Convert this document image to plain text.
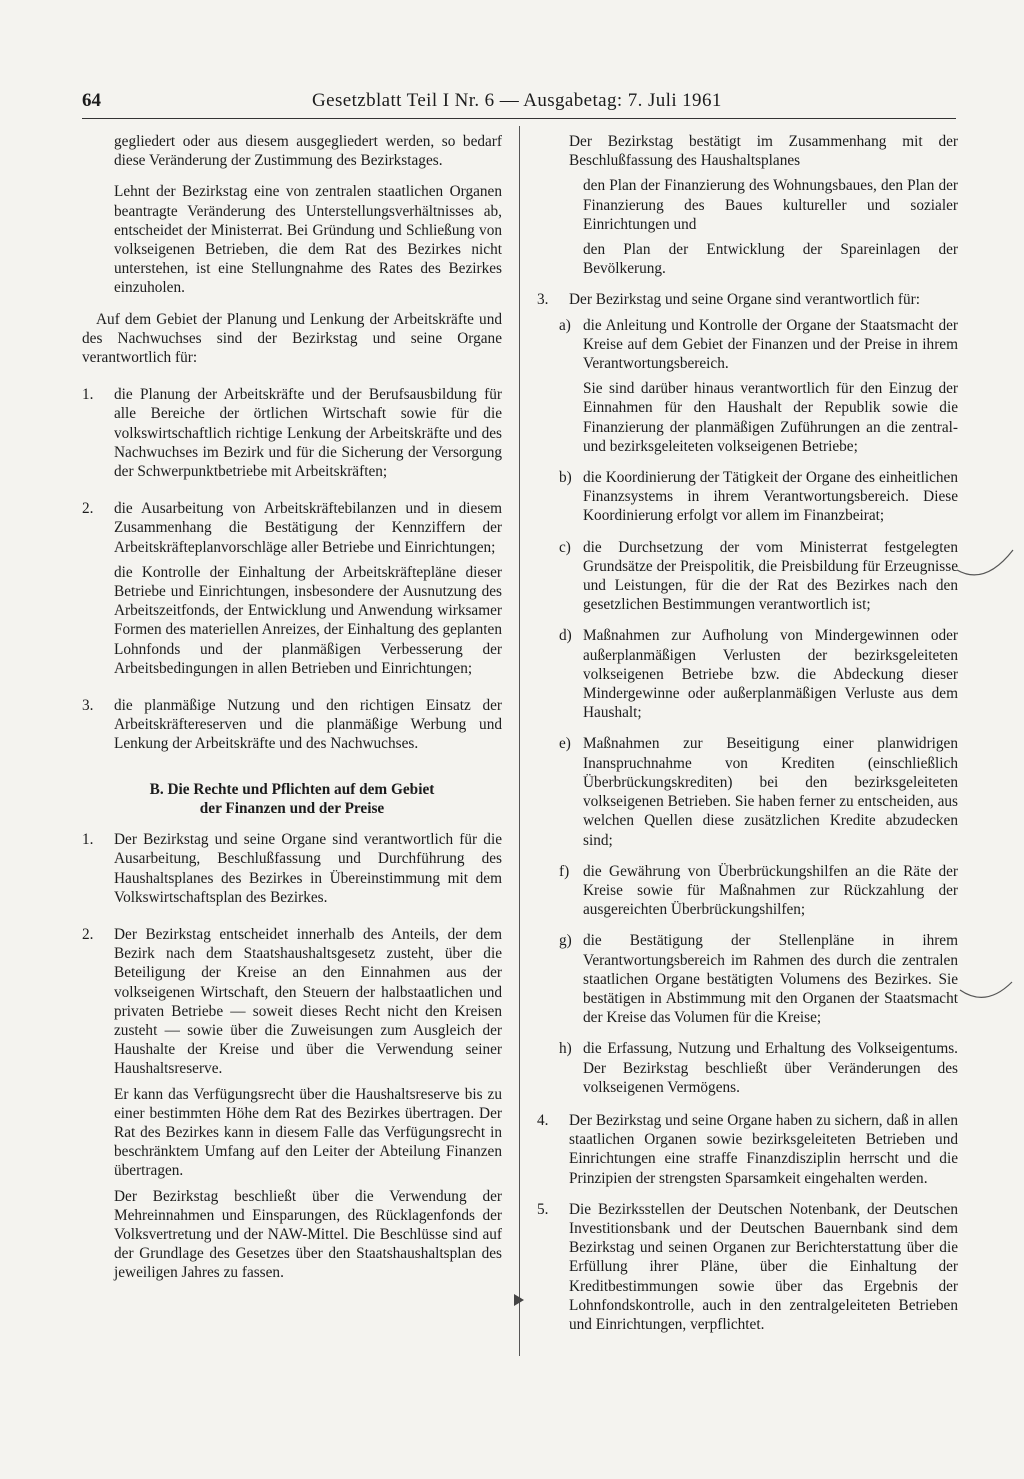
64	Gesetzblatt Teil I Nr. 6 — Ausgabetag: 7. Juli 1961

gegliedert oder aus diesem ausgegliedert werden, so bedarf diese Veränderung der Zustimmung des Bezirkstages.

Lehnt der Bezirkstag eine von zentralen staatlichen Organen beantragte Veränderung des Unterstellungsverhältnisses ab, entscheidet der Ministerrat. Bei Gründung und Schließung von volkseigenen Betrieben, die dem Rat des Bezirkes nicht unterstehen, ist eine Stellungnahme des Rates des Bezirkes einzuholen.

Auf dem Gebiet der Planung und Lenkung der Arbeitskräfte und des Nachwuchses sind der Bezirkstag und seine Organe verantwortlich für:

1. die Planung der Arbeitskräfte und der Berufsausbildung für alle Bereiche der örtlichen Wirtschaft sowie für die volkswirtschaftlich richtige Lenkung der Arbeitskräfte und des Nachwuchses im Bezirk und für die Sicherung der Versorgung der Schwerpunktbetriebe mit Arbeitskräften;

2. die Ausarbeitung von Arbeitskräftebilanzen und in diesem Zusammenhang die Bestätigung der Kennziffern der Arbeitskräfteplanvorschläge aller Betriebe und Einrichtungen;

die Kontrolle der Einhaltung der Arbeitskräftepläne dieser Betriebe und Einrichtungen, insbesondere der Ausnutzung des Arbeitszeitfonds, der Entwicklung und Anwendung wirksamer Formen des materiellen Anreizes, der Einhaltung des geplanten Lohnfonds und der planmäßigen Verbesserung der Arbeitsbedingungen in allen Betrieben und Einrichtungen;

3. die planmäßige Nutzung und den richtigen Einsatz der Arbeitskräftereserven und die planmäßige Werbung und Lenkung der Arbeitskräfte und des Nachwuchses.

B. Die Rechte und Pflichten auf dem Gebiet
der Finanzen und der Preise
1. Der Bezirkstag und seine Organe sind verantwortlich für die Ausarbeitung, Beschlußfassung und Durchführung des Haushaltsplanes des Bezirkes in Übereinstimmung mit dem Volkswirtschaftsplan des Bezirkes.

2. Der Bezirkstag entscheidet innerhalb des Anteils, der dem Bezirk nach dem Staatshaushaltsgesetz zusteht, über die Beteiligung der Kreise an den Einnahmen aus der volkseigenen Wirtschaft, den Steuern der halbstaatlichen und privaten Betriebe — soweit dieses Recht nicht den Kreisen zusteht — sowie über die Zuweisungen zum Ausgleich der Haushalte der Kreise und über die Verwendung seiner Haushaltsreserve.

Er kann das Verfügungsrecht über die Haushaltsreserve bis zu einer bestimmten Höhe dem Rat des Bezirkes übertragen. Der Rat des Bezirkes kann in diesem Falle das Verfügungsrecht in beschränktem Umfang auf den Leiter der Abteilung Finanzen übertragen.

Der Bezirkstag beschließt über die Verwendung der Mehreinnahmen und Einsparungen, des Rücklagenfonds der Volksvertretung und der NAW-Mittel. Die Beschlüsse sind auf der Grundlage des Gesetzes über den Staatshaushaltsplan des jeweiligen Jahres zu fassen.

Der Bezirkstag bestätigt im Zusammenhang mit der Beschlußfassung des Haushaltsplanes

den Plan der Finanzierung des Wohnungsbaues, den Plan der Finanzierung des Baues kultureller und sozialer Einrichtungen und

den Plan der Entwicklung der Spareinlagen der Bevölkerung.

3. Der Bezirkstag und seine Organe sind verantwortlich für:

a) die Anleitung und Kontrolle der Organe der Staatsmacht der Kreise auf dem Gebiet der Finanzen und der Preise in ihrem Verantwortungsbereich.

Sie sind darüber hinaus verantwortlich für den Einzug der Einnahmen für den Haushalt der Republik sowie die Finanzierung der planmäßigen Zuführungen an die zentral- und bezirksgeleiteten volkseigenen Betriebe;

b) die Koordinierung der Tätigkeit der Organe des einheitlichen Finanzsystems in ihrem Verantwortungsbereich. Diese Koordinierung erfolgt vor allem im Finanzbeirat;

c) die Durchsetzung der vom Ministerrat festgelegten Grundsätze der Preispolitik, die Preisbildung für Erzeugnisse und Leistungen, für die der Rat des Bezirkes nach den gesetzlichen Bestimmungen verantwortlich ist;

d) Maßnahmen zur Aufholung von Mindergewinnen oder außerplanmäßigen Verlusten der bezirksgeleiteten volkseigenen Betriebe bzw. die Abdeckung dieser Mindergewinne oder außerplanmäßigen Verluste aus dem Haushalt;

e) Maßnahmen zur Beseitigung einer planwidrigen Inanspruchnahme von Krediten (einschließlich Überbrückungskrediten) bei den bezirksgeleiteten volkseigenen Betrieben. Sie haben ferner zu entscheiden, aus welchen Quellen diese zusätzlichen Kredite abzudecken sind;

f) die Gewährung von Überbrückungshilfen an die Räte der Kreise sowie für Maßnahmen zur Rückzahlung der ausgereichten Überbrückungshilfen;

g) die Bestätigung der Stellenpläne in ihrem Verantwortungsbereich im Rahmen des durch die zentralen staatlichen Organe bestätigten Volumens des Bezirkes. Sie bestätigen in Abstimmung mit den Organen der Staatsmacht der Kreise das Volumen für die Kreise;

h) die Erfassung, Nutzung und Erhaltung des Volkseigentums. Der Bezirkstag beschließt über Veränderungen des volkseigenen Vermögens.

4. Der Bezirkstag und seine Organe haben zu sichern, daß in allen staatlichen Organen sowie bezirksgeleiteten Betrieben und Einrichtungen eine straffe Finanzdisziplin herrscht und die Prinzipien der strengsten Sparsamkeit eingehalten werden.

5. Die Bezirksstellen der Deutschen Notenbank, der Deutschen Investitionsbank und der Deutschen Bauernbank sind dem Bezirkstag und seinen Organen zur Berichterstattung über die Erfüllung ihrer Pläne, über die Einhaltung der Kreditbestimmungen sowie über das Ergebnis der Lohnfondskontrolle, auch in den zentralgeleiteten Betrieben und Einrichtungen, verpflichtet.
